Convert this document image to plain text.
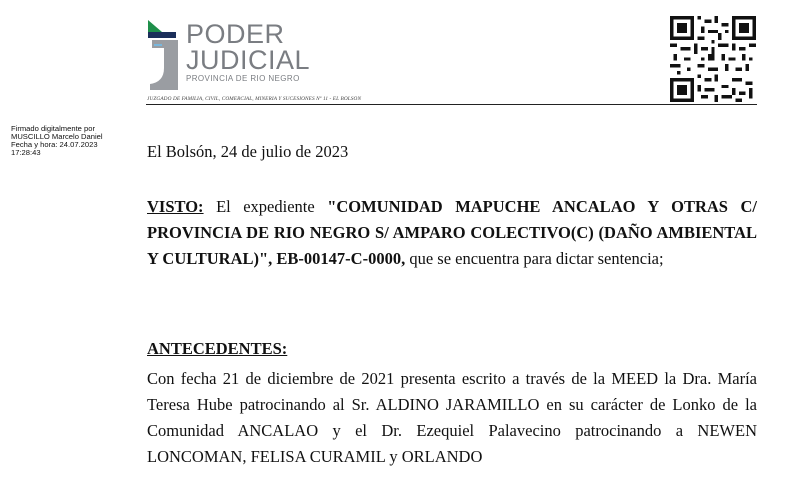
PODER
JUDICIAL
PROVINCIA DE RIO NEGRO
JUZGADO DE FAMILIA, CIVIL, COMERCIAL, MINERIA Y SUCESIONES Nº 11 - EL BOLSON
Firmado digitalmente por
MUSCILLO Marcelo Daniel
Fecha y hora: 24.07.2023
17:28:43	El Bolsón, 24 de julio de 2023
VISTO: El expediente "COMUNIDAD MAPUCHE ANCALAO Y OTRAS C/ PROVINCIA DE RIO NEGRO S/ AMPARO COLECTIVO(C) (DAÑO AMBIENTAL Y CULTURAL)", EB-00147-C-0000, que se encuentra para dictar sentencia;
ANTECEDENTES:
Con fecha 21 de diciembre de 2021 presenta escrito a través de la MEED la Dra. María Teresa Hube patrocinando al Sr. ALDINO JARAMILLO en su carácter de Lonko de la Comunidad ANCALAO y el Dr. Ezequiel Palavecino patrocinando a NEWEN LONCOMAN, FELISA CURAMIL y ORLANDO
